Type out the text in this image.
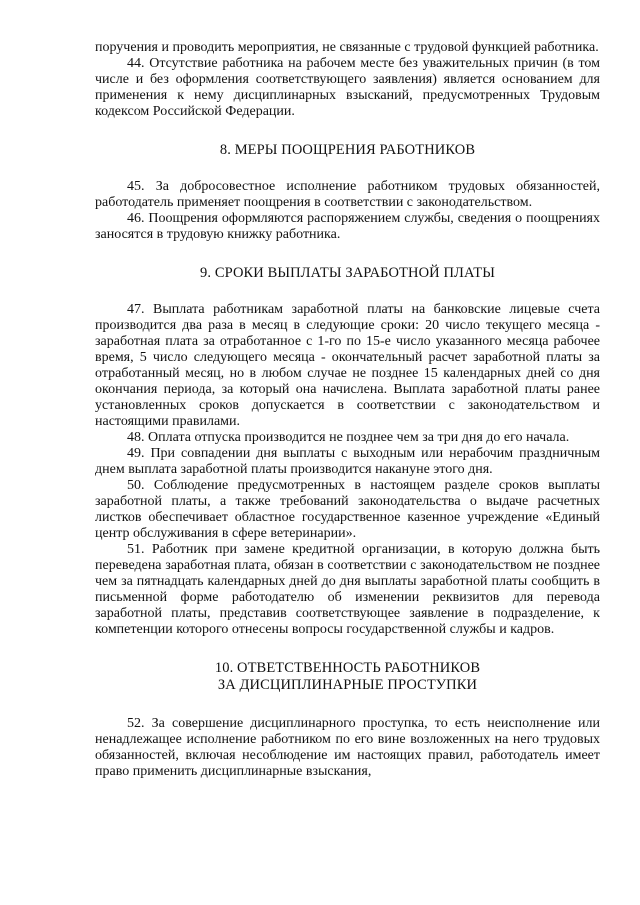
поручения и проводить мероприятия, не связанные с трудовой функцией работника.

44. Отсутствие работника на рабочем месте без уважительных причин (в том числе и без оформления соответствующего заявления) является основанием для применения к нему дисциплинарных взысканий, предусмотренных Трудовым кодексом Российской Федерации.

8. МЕРЫ ПООЩРЕНИЯ РАБОТНИКОВ

45. За добросовестное исполнение работником трудовых обязанностей, работодатель применяет поощрения в соответствии с законодательством.

46. Поощрения оформляются распоряжением службы, сведения о поощрениях заносятся в трудовую книжку работника.

9. СРОКИ ВЫПЛАТЫ ЗАРАБОТНОЙ ПЛАТЫ

47. Выплата работникам заработной платы на банковские лицевые счета производится два раза в месяц в следующие сроки: 20 число текущего месяца - заработная плата за отработанное с 1-го по 15-е число указанного месяца рабочее время, 5 число следующего месяца - окончательный расчет заработной платы за отработанный месяц, но в любом случае не позднее 15 календарных дней со дня окончания периода, за который она начислена. Выплата заработной платы ранее установленных сроков допускается в соответствии с законодательством и настоящими правилами.

48. Оплата отпуска производится не позднее чем за три дня до его начала.

49. При совпадении дня выплаты с выходным или нерабочим праздничным днем выплата заработной платы производится накануне этого дня.

50. Соблюдение предусмотренных в настоящем разделе сроков выплаты заработной платы, а также требований законодательства о выдаче расчетных листков обеспечивает областное государственное казенное учреждение «Единый центр обслуживания в сфере ветеринарии».

51. Работник при замене кредитной организации, в которую должна быть переведена заработная плата, обязан в соответствии с законодательством не позднее чем за пятнадцать календарных дней до дня выплаты заработной платы сообщить в письменной форме работодателю об изменении реквизитов для перевода заработной платы, представив соответствующее заявление в подразделение, к компетенции которого отнесены вопросы государственной службы и кадров.

10. ОТВЕТСТВЕННОСТЬ РАБОТНИКОВ
ЗА ДИСЦИПЛИНАРНЫЕ ПРОСТУПКИ

52. За совершение дисциплинарного проступка, то есть неисполнение или ненадлежащее исполнение работником по его вине возложенных на него трудовых обязанностей, включая несоблюдение им настоящих правил, работодатель имеет право применить дисциплинарные взыскания,
